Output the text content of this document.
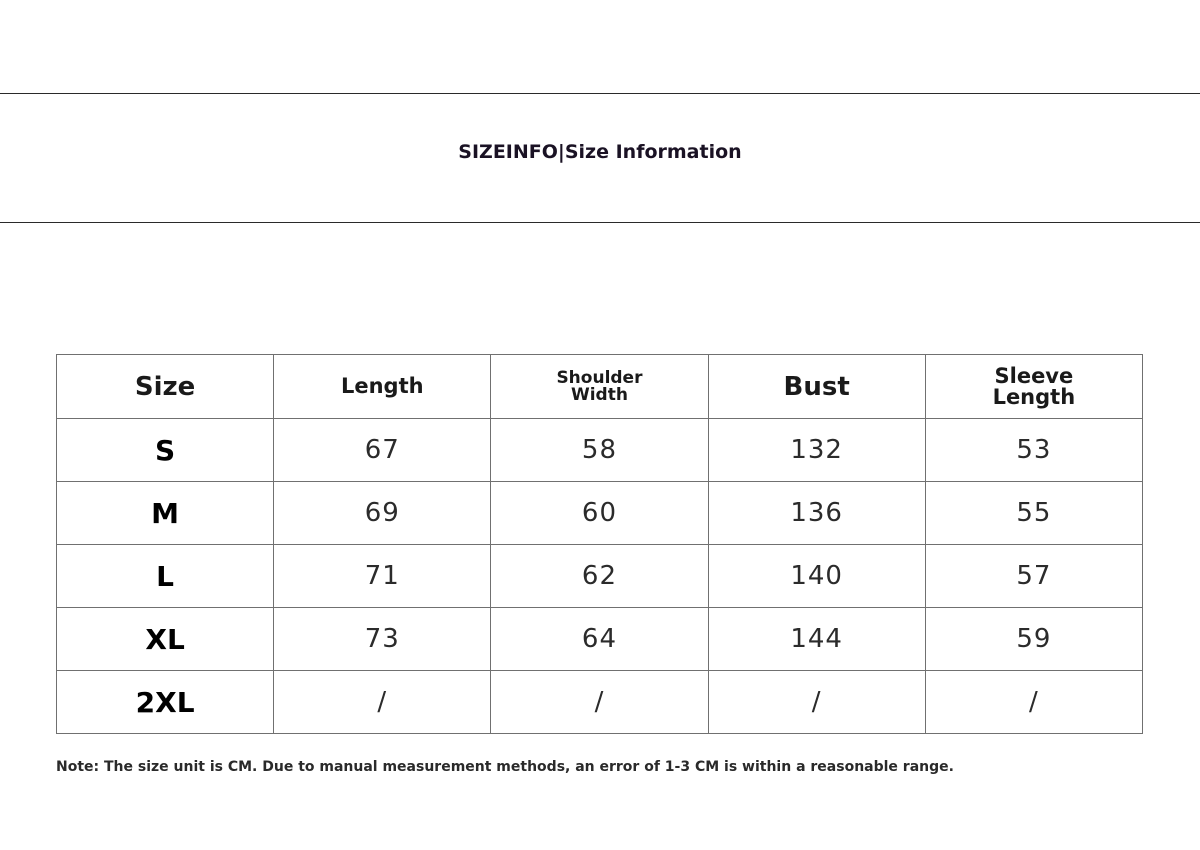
SIZEINFO|Size Information
Size	Length	Shoulder Width	Bust	Sleeve Length
S	67	58	132	53
M	69	60	136	55
L	71	62	140	57
XL	73	64	144	59
2XL	/	/	/	/
Note: The size unit is CM. Due to manual measurement methods, an error of 1-3 CM is within a reasonable range.
